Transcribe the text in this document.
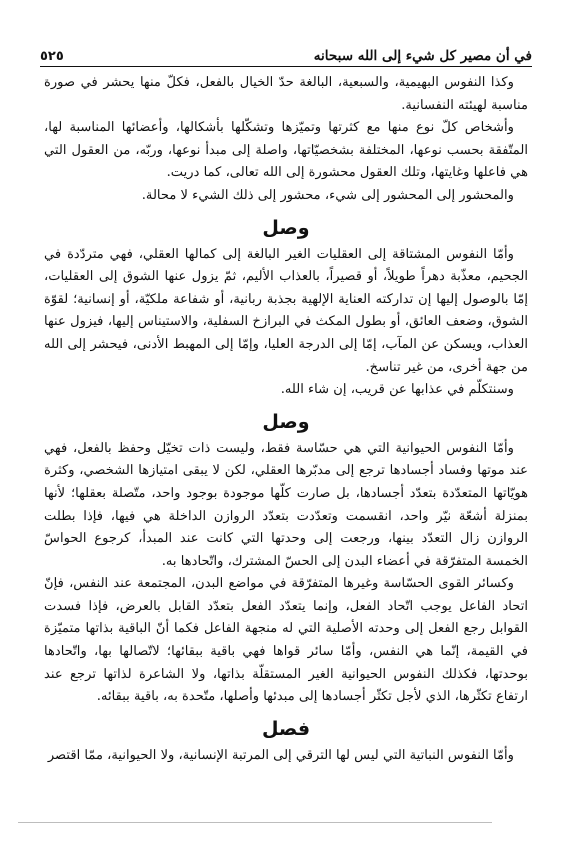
في أن مصير كل شيء إلى الله سبحانه
٥٢٥

وكذا النفوس البهيمية، والسبعية، البالغة حدّ الخيال بالفعل، فكلّ منها يحشر في صورة مناسبة لهيئته النفسانية.

وأشخاص كلّ نوع منها مع كثرتها وتميّزها وتشكّلها بأشكالها، وأعضائها المناسبة لها، المتّفقة بحسب نوعها، المختلفة بشخصيّاتها، واصلة إلى مبدأ نوعها، وربّه، من العقول التي هي فاعلها وغايتها، وتلك العقول محشورة إلى الله تعالى، كما دريت.

والمحشور إلى المحشور إلى شيء، محشور إلى ذلك الشيء لا محالة.

وصل

وأمّا النفوس المشتاقة إلى العقليات الغير البالغة إلى كمالها العقلي، فهي متردّدة في الجحيم، معذّبة دهراً طويلاً، أو قصيراً، بالعذاب الأليم، ثمّ يزول عنها الشوق إلى العقليات، إمّا بالوصول إليها إن تداركته العناية الإلهية بجذبة ربانية، أو شفاعة ملكيّة، أو إنسانية؛ لقوّة الشوق، وضعف العائق، أو بطول المكث في البرازخ السفلية، والاستيناس إليها، فيزول عنها العذاب، ويسكن عن المآب، إمّا إلى الدرجة العليا، وإمّا إلى المهبط الأدنى، فيحشر إلى الله من جهة أخرى، من غير تناسخ.

وسنتكلّم في عذابها عن قريب، إن شاء الله.

وصل

وأمّا النفوس الحيوانية التي هي حسّاسة فقط، وليست ذات تخيّل وحفظ بالفعل، فهي عند موتها وفساد أجسادها ترجع إلى مدبّرها العقلي، لكن لا يبقى امتيازها الشخصي، وكثرة هويّاتها المتعدّدة بتعدّد أجسادها، بل صارت كلّها موجودة بوجود واحد، متّصلة بعقلها؛ لأنها بمنزلة أشعّة نيّر واحد، انقسمت وتعدّدت بتعدّد الروازن الداخلة هي فيها، فإذا بطلت الروازن زال التعدّد بينها، ورجعت إلى وحدتها التي كانت عند المبدأ، كرجوع الحواسّ الخمسة المتفرّقة في أعضاء البدن إلى الحسّ المشترك، واتّحادها به.

وكسائر القوى الحسّاسة وغيرها المتفرّقة في مواضع البدن، المجتمعة عند النفس، فإنّ اتحاد الفاعل يوجب اتّحاد الفعل، وإنما يتعدّد الفعل بتعدّد القابل بالعرض، فإذا فسدت القوابل رجع الفعل إلى وحدته الأصلية التي له منجهة الفاعل فكما أنّ الباقية بذاتها متميّزة في القيمة، إنّما هي النفس، وأمّا سائر قواها فهي باقية ببقائها؛ لاتّصالها بها، واتّحادها بوحدتها، فكذلك النفوس الحيوانية الغير المستقلّة بذاتها، ولا الشاعرة لذاتها ترجع عند ارتفاع تكثّرها، الذي لأجل تكثّر أجسادها إلى مبدئها وأصلها، متّحدة به، باقية ببقائه.

فصل

وأمّا النفوس النباتية التي ليس لها الترقي إلى المرتبة الإنسانية، ولا الحيوانية، ممّا اقتصر
